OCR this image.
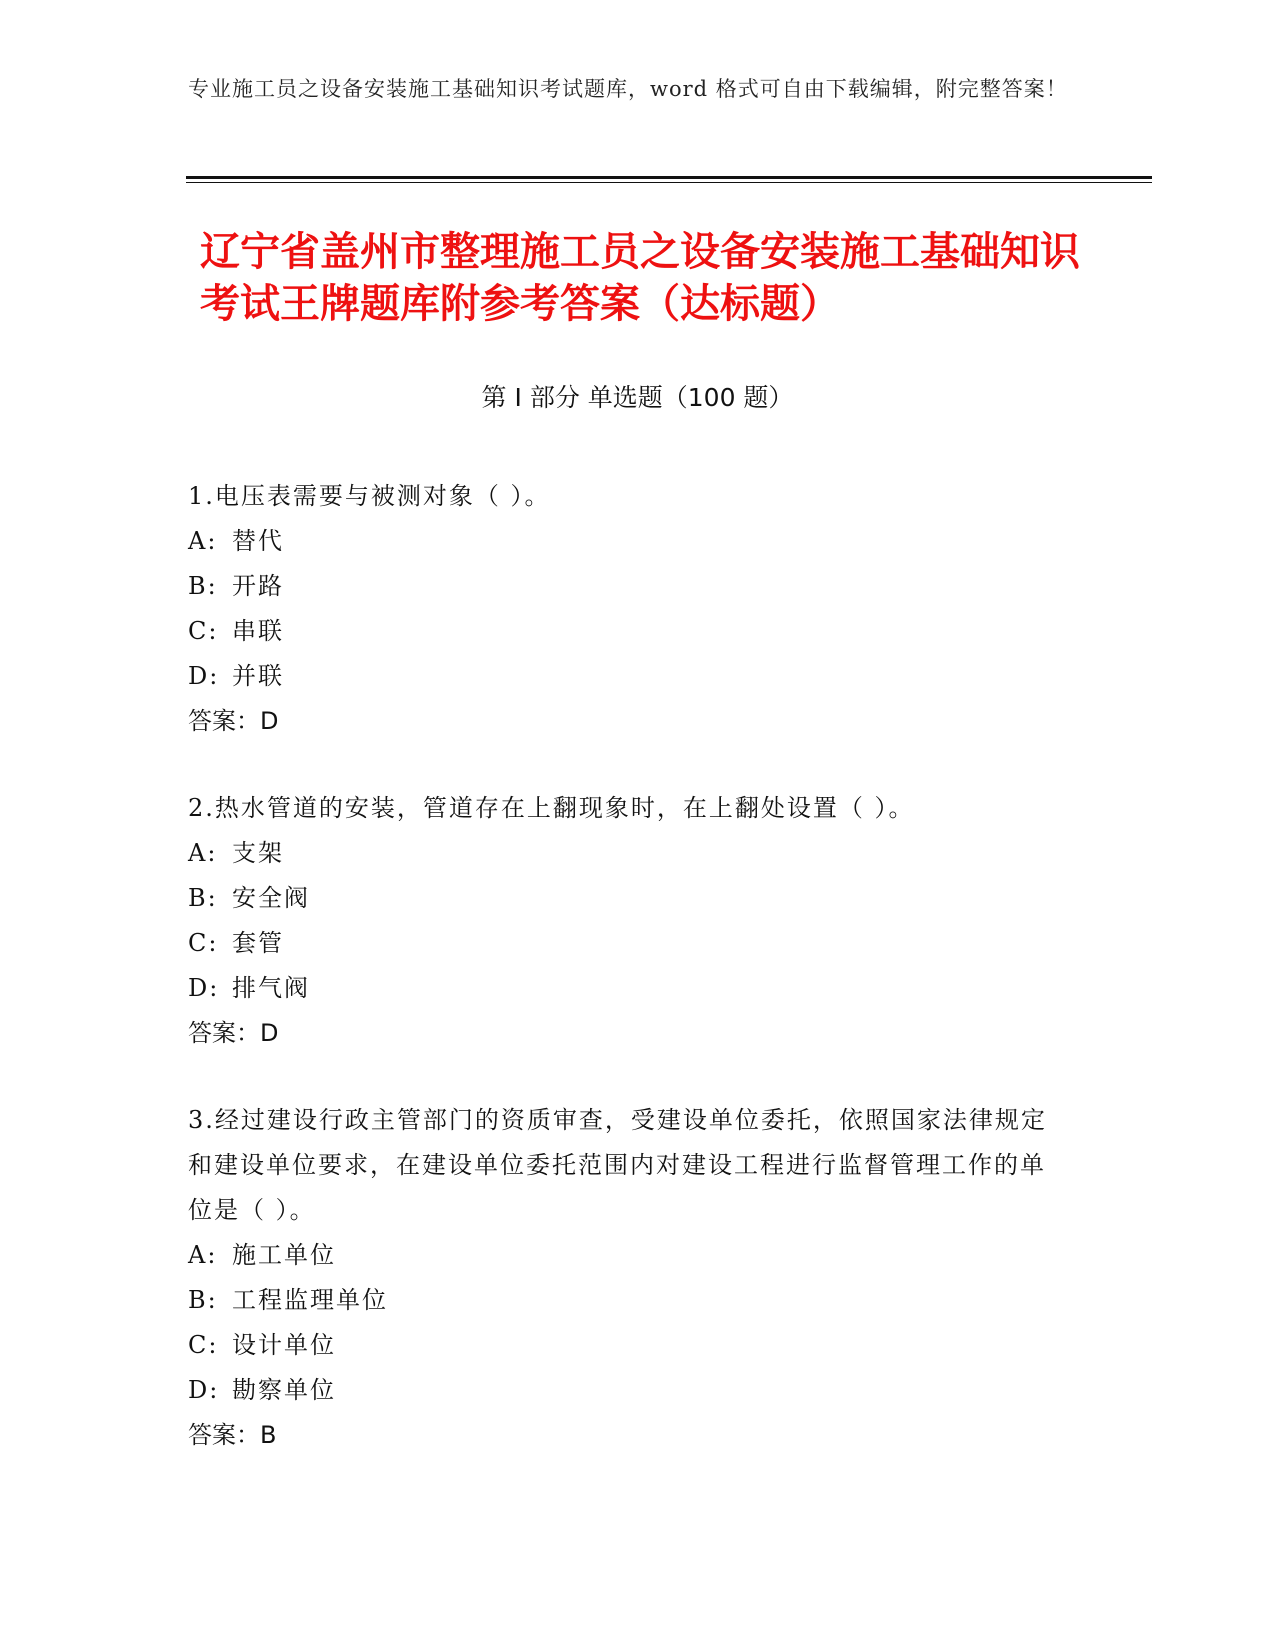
专业施工员之设备安装施工基础知识考试题库，word 格式可自由下载编辑，附完整答案！
辽宁省盖州市整理施工员之设备安装施工基础知识考试王牌题库附参考答案（达标题）
第 I 部分 单选题（100 题）
1.电压表需要与被测对象（ ）。
A: 替代
B: 开路
C: 串联
D: 并联
答案：D
2.热水管道的安装，管道存在上翻现象时，在上翻处设置（ ）。
A: 支架
B: 安全阀
C: 套管
D: 排气阀
答案：D
3.经过建设行政主管部门的资质审查，受建设单位委托，依照国家法律规定和建设单位要求，在建设单位委托范围内对建设工程进行监督管理工作的单位是（ ）。
A: 施工单位
B: 工程监理单位
C: 设计单位
D: 勘察单位
答案：B
